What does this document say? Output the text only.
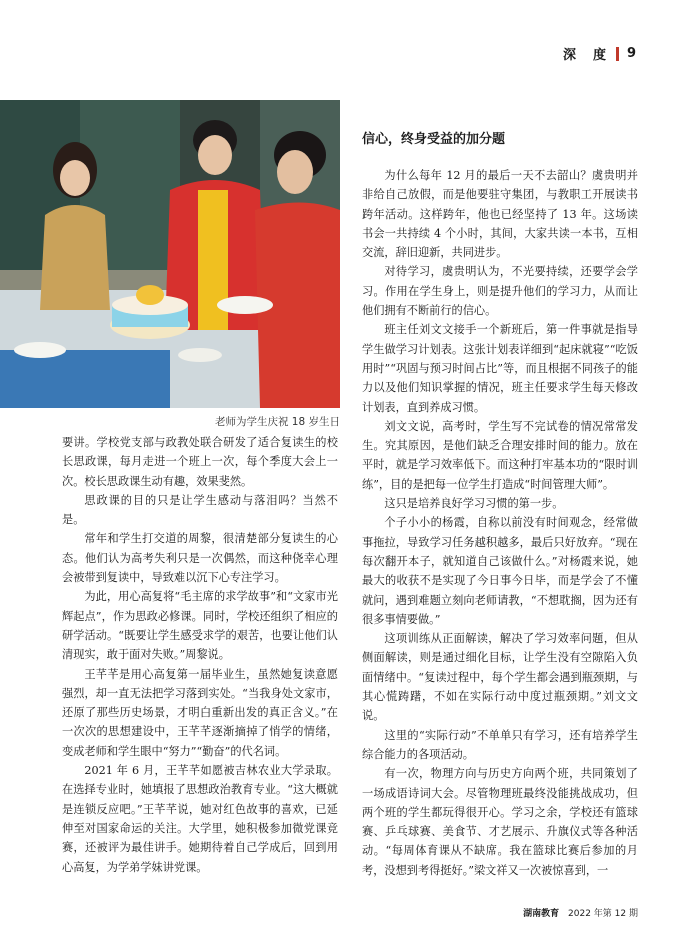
深　度 9
老师为学生庆祝 18 岁生日

要讲。学校党支部与政教处联合研发了适合复读生的校长思政课，每月走进一个班上一次，每个季度大会上一次。校长思政课生动有趣，效果斐然。

思政课的目的只是让学生感动与落泪吗？当然不是。

常年和学生打交道的周黎，很清楚部分复读生的心态。他们认为高考失利只是一次偶然，而这种侥幸心理会被带到复读中，导致难以沉下心专注学习。

为此，用心高复将“毛主席的求学故事”和“文家市光辉起点”，作为思政必修课。同时，学校还组织了相应的研学活动。“既要让学生感受求学的艰苦，也要让他们认清现实，敢于面对失败。”周黎说。

王芊芊是用心高复第一届毕业生，虽然她复读意愿强烈，却一直无法把学习落到实处。“当我身处文家市，还原了那些历史场景，才明白重新出发的真正含义。”在一次次的思想建设中，王芊芊逐渐摘掉了悄学的情绪，变成老师和学生眼中“努力”“勤奋”的代名词。

2021 年 6 月，王芊芊如愿被吉林农业大学录取。在选择专业时，她填报了思想政治教育专业。“这大概就是连锁反应吧。”王芊芊说，她对红色故事的喜欢，已延伸至对国家命运的关注。大学里，她积极参加微党课竞赛，还被评为最佳讲手。她期待着自己学成后，回到用心高复，为学弟学妹讲党课。

信心，终身受益的加分题

为什么每年 12 月的最后一天不去韶山？虞贵明并非给自己放假，而是他要驻守集团，与教职工开展读书跨年活动。这样跨年，他也已经坚持了 13 年。这场读书会一共持续 4 个小时，其间，大家共读一本书，互相交流，辞旧迎新，共同进步。

对待学习，虞贵明认为，不光要持续，还要学会学习。作用在学生身上，则是提升他们的学习力，从而让他们拥有不断前行的信心。

班主任刘文文接手一个新班后，第一件事就是指导学生做学习计划表。这张计划表详细到“起床就寝”“吃饭用时”“巩固与预习时间占比”等，而且根据不同孩子的能力以及他们知识掌握的情况，班主任要求学生每天修改计划表，直到养成习惯。

刘文文说，高考时，学生写不完试卷的情况常常发生。究其原因，是他们缺乏合理安排时间的能力。放在平时，就是学习效率低下。而这种打牢基本功的“限时训练”，目的是把每一位学生打造成“时间管理大师”。

这只是培养良好学习习惯的第一步。

个子小小的杨霞，自称以前没有时间观念，经常做事拖拉，导致学习任务越积越多，最后只好放弃。“现在每次翻开本子，就知道自己该做什么。”对杨霞来说，她最大的收获不是实现了今日事今日毕，而是学会了不懂就问，遇到难题立刻向老师请教，“不想耽搁，因为还有很多事情要做。”

这项训练从正面解读，解决了学习效率问题，但从侧面解读，则是通过细化目标，让学生没有空隙陷入负面情绪中。“复读过程中，每个学生都会遇到瓶颈期，与其心慌踌躇，不如在实际行动中度过瓶颈期。”刘文文说。

这里的“实际行动”不单单只有学习，还有培养学生综合能力的各项活动。

有一次，物理方向与历史方向两个班，共同策划了一场成语诗词大会。尽管物理班最终没能挑战成功，但两个班的学生都玩得很开心。学习之余，学校还有篮球赛、乒乓球赛、美食节、才艺展示、升旗仪式等各种活动。“每周体育课从不缺席。我在篮球比赛后参加的月考，没想到考得挺好。”梁文祥又一次被惊喜到，一

湖南教育 2022 年第 12 期
